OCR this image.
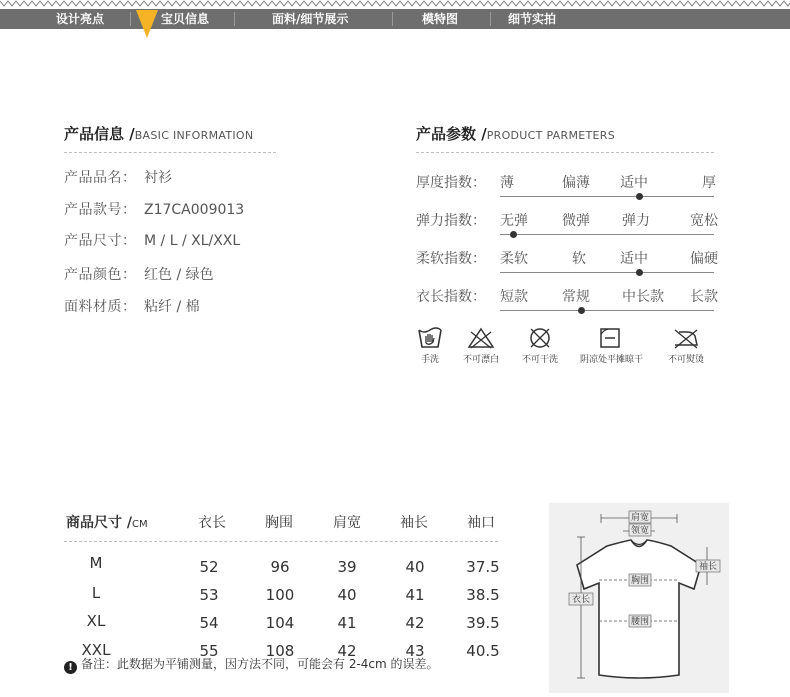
设计亮点	宝贝信息	面料/细节展示	模特图	细节实拍
产品信息 /BASIC INFORMATION
产品品名： 衬衫
产品款号： Z17CA009013
产品尺寸： M / L / XL/XXL
产品颜色： 红色 / 绿色
面料材质： 粘纤 / 棉
产品参数 /PRODUCT PARMETERS
厚度指数： 薄	偏薄 适中	厚
弹力指数： 无弹 微弹 弹力	宽松
柔软指数： 柔软	软 适中	偏硬
衣长指数： 短款 常规 中长款 长款
手洗	不可漂白	不可干洗	阴凉处平摊晾干	不可熨烫
商品尺寸 /CM	衣长	胸围	肩宽	袖长	袖口
M	52	96	39	40	37.5
L	53	100	40	41	38.5
XL	54	104	41	42	39.5
XXL	55	108	42	43	40.5
! 备注：此数据为平铺测量，因方法不同，可能会有 2-4cm 的误差。
肩宽
领宽
胸围
腰围
袖长
衣长
